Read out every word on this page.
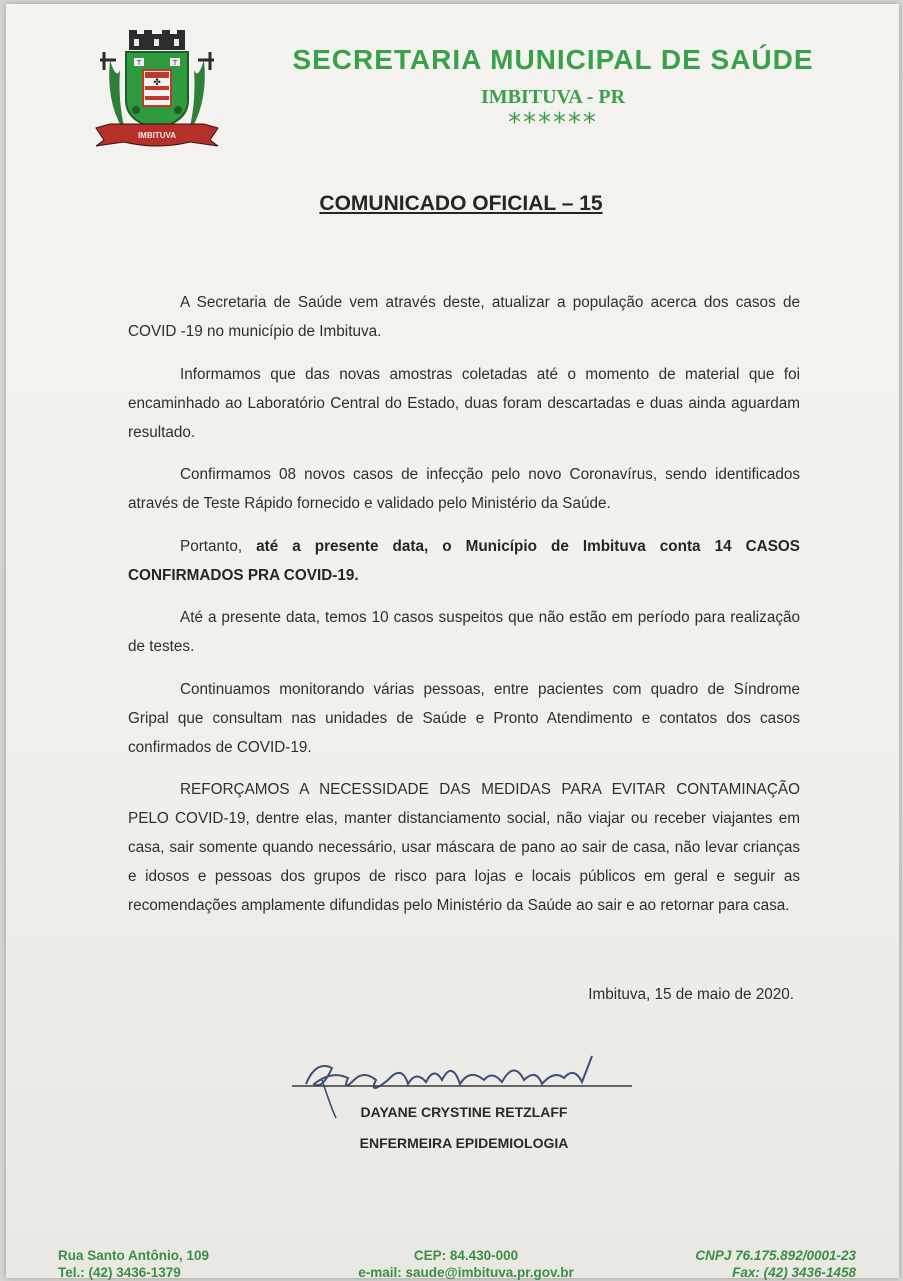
T	T
✤
IMBITUVA
SECRETARIA MUNICIPAL DE SAÚDE
IMBITUVA - PR
******
COMUNICADO OFICIAL – 15

A Secretaria de Saúde vem através deste, atualizar a população acerca dos casos de COVID -19 no município de Imbituva.

Informamos que das novas amostras coletadas até o momento de material que foi encaminhado ao Laboratório Central do Estado, duas foram descartadas e duas ainda aguardam resultado.

Confirmamos 08 novos casos de infecção pelo novo Coronavírus, sendo identificados através de Teste Rápido fornecido e validado pelo Ministério da Saúde.

Portanto, até a presente data, o Município de Imbituva conta 14 CASOS CONFIRMADOS PRA COVID-19.

Até a presente data, temos 10 casos suspeitos que não estão em período para realização de testes.

Continuamos monitorando várias pessoas, entre pacientes com quadro de Síndrome Gripal que consultam nas unidades de Saúde e Pronto Atendimento e contatos dos casos confirmados de COVID-19.

REFORÇAMOS A NECESSIDADE DAS MEDIDAS PARA EVITAR CONTAMINAÇÃO PELO COVID-19, dentre elas, manter distanciamento social, não viajar ou receber viajantes em casa, sair somente quando necessário, usar máscara de pano ao sair de casa, não levar crianças e idosos e pessoas dos grupos de risco para lojas e locais públicos em geral e seguir as recomendações amplamente difundidas pelo Ministério da Saúde ao sair e ao retornar para casa.

Imbituva, 15 de maio de 2020.
DAYANE CRYSTINE RETZLAFF
ENFERMEIRA EPIDEMIOLOGIA
Rua Santo Antônio, 109
Tel.: (42) 3436-1379
CEP: 84.430-000
e-mail: saude@imbituva.pr.gov.br
CNPJ 76.175.892/0001-23
Fax: (42) 3436-1458
